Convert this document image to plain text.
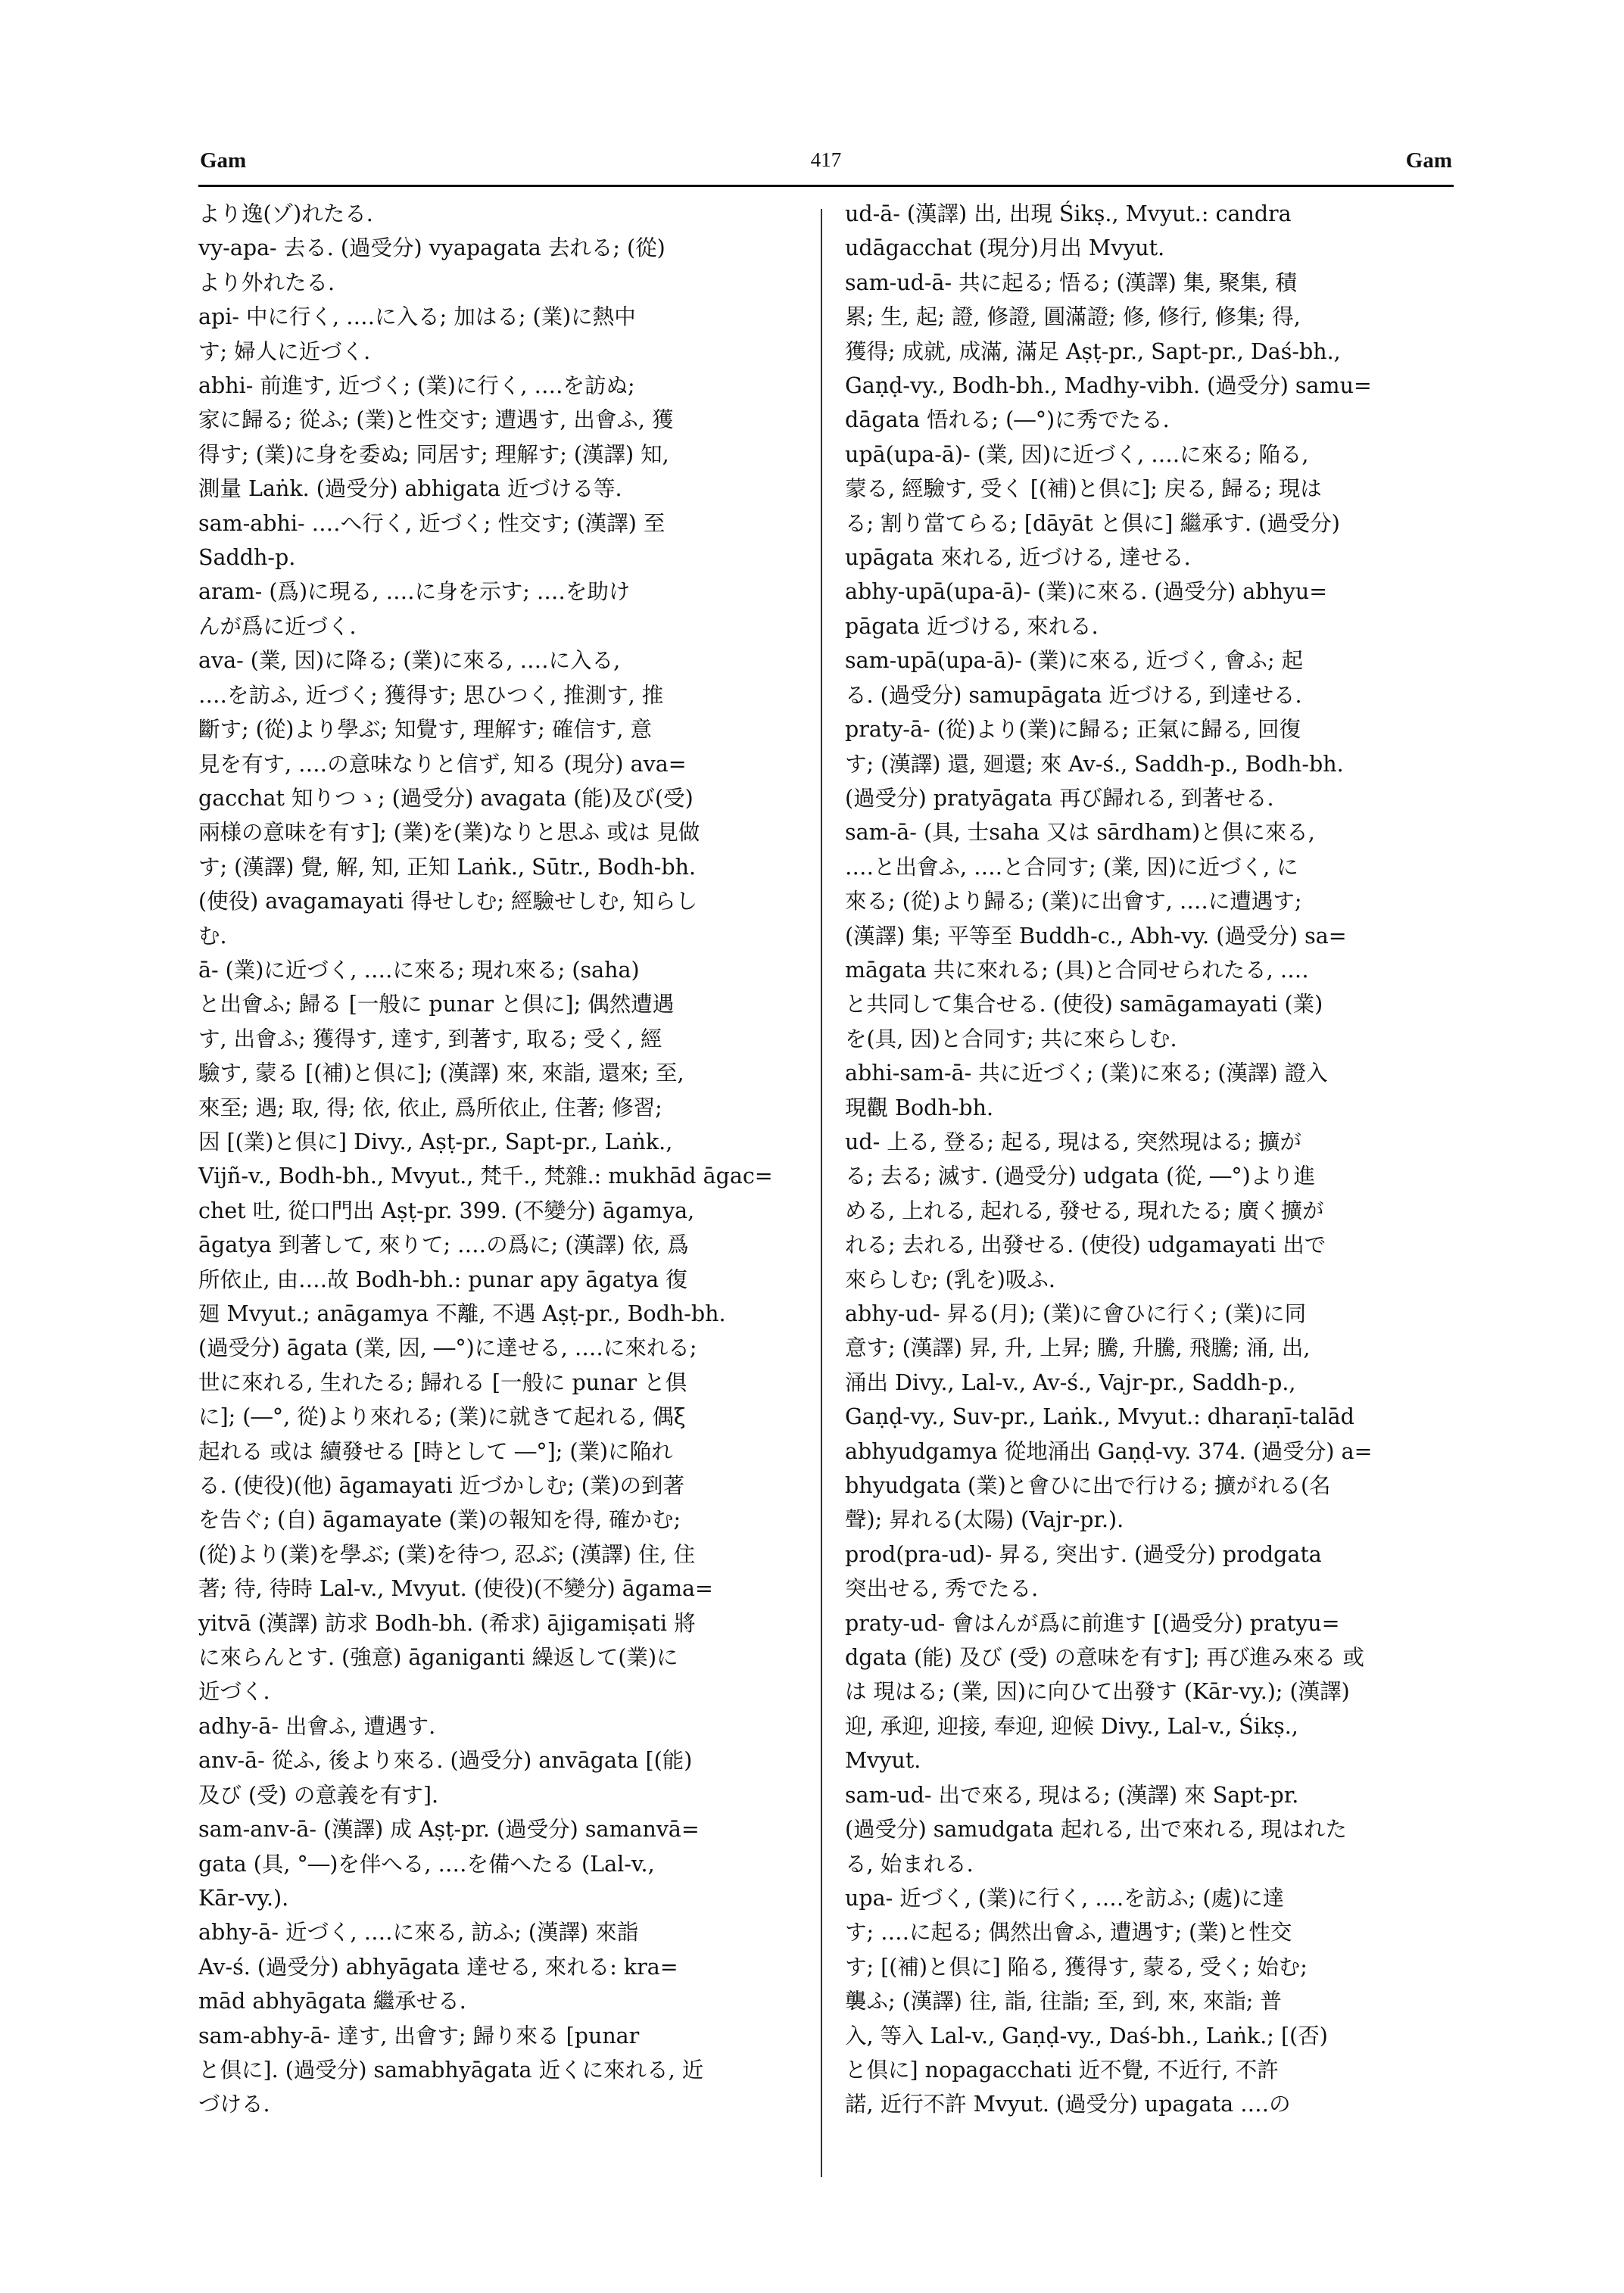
Gam	417	Gam

より逸(ゾ)れたる.

vy-apa- 去る. (過受分) vyapagata 去れる; (從)

より外れたる.

api- 中に行く, ‥‥に入る; 加はる; (業)に熱中

す; 婦人に近づく.

abhi- 前進す, 近づく; (業)に行く, ‥‥を訪ぬ;

家に歸る; 從ふ; (業)と性交す; 遭遇す, 出會ふ, 獲

得す; (業)に身を委ぬ; 同居す; 理解す; (漢譯) 知,

測量 Laṅk. (過受分) abhigata 近づける等.

sam-abhi- ‥‥へ行く, 近づく; 性交す; (漢譯) 至

Saddh-p.

aram- (爲)に現る, ‥‥に身を示す; ‥‥を助け

んが爲に近づく.

ava- (業, 因)に降る; (業)に來る, ‥‥に入る,

‥‥を訪ふ, 近づく; 獲得す; 思ひつく, 推測す, 推

斷す; (從)より學ぶ; 知覺す, 理解す; 確信す, 意

見を有す, ‥‥の意味なりと信ず, 知る (現分) ava=

gacchat 知りつゝ; (過受分) avagata (能)及び(受)

兩様の意味を有す]; (業)を(業)なりと思ふ 或は 見做

す; (漢譯) 覺, 解, 知, 正知 Laṅk., Sūtr., Bodh-bh.

(使役) avagamayati 得せしむ; 經驗せしむ, 知らし

む.

ā- (業)に近づく, ‥‥に來る; 現れ來る; (saha)

と出會ふ; 歸る [一般に punar と倶に]; 偶然遭遇

す, 出會ふ; 獲得す, 達す, 到著す, 取る; 受く, 經

驗す, 蒙る [(補)と倶に]; (漢譯) 來, 來詣, 還來; 至,

來至; 遇; 取, 得; 依, 依止, 爲所依止, 住著; 修習;

因 [(業)と倶に] Divy., Aṣṭ-pr., Sapt-pr., Laṅk.,

Vijñ-v., Bodh-bh., Mvyut., 梵千., 梵雜.: mukhād āgac=

chet 吐, 從口門出 Aṣṭ-pr. 399. (不變分) āgamya,

āgatya 到著して, 來りて; ‥‥の爲に; (漢譯) 依, 爲

所依止, 由‥‥故 Bodh-bh.: punar apy āgatya 復

廻 Mvyut.; anāgamya 不離, 不遇 Aṣṭ-pr., Bodh-bh.

(過受分) āgata (業, 因, ―°)に達せる, ‥‥に來れる;

世に來れる, 生れたる; 歸れる [一般に punar と倶

に]; (―°, 從)より來れる; (業)に就きて起れる, 偶ξ

起れる 或は 續發せる [時として ―°]; (業)に陥れ

る. (使役)(他) āgamayati 近づかしむ; (業)の到著

を告ぐ; (自) āgamayate (業)の報知を得, 確かむ;

(從)より(業)を學ぶ; (業)を待つ, 忍ぶ; (漢譯) 住, 住

著; 待, 待時 Lal-v., Mvyut. (使役)(不變分) āgama=

yitvā (漢譯) 訪求 Bodh-bh. (希求) ājigamiṣati 將

に來らんとす. (強意) āganiganti 繰返して(業)に

近づく.

adhy-ā- 出會ふ, 遭遇す.

anv-ā- 從ふ, 後より來る. (過受分) anvāgata [(能)

及び (受) の意義を有す].

sam-anv-ā- (漢譯) 成 Aṣṭ-pr. (過受分) samanvā=

gata (具, °―)を伴へる, ‥‥を備へたる (Lal-v.,

Kār-vy.).

abhy-ā- 近づく, ‥‥に來る, 訪ふ; (漢譯) 來詣

Av-ś. (過受分) abhyāgata 達せる, 來れる: kra=

mād abhyāgata 繼承せる.

sam-abhy-ā- 達す, 出會す; 歸り來る [punar

と倶に]. (過受分) samabhyāgata 近くに來れる, 近

づける.

ud-ā- (漢譯) 出, 出現 Śikṣ., Mvyut.: candra

udāgacchat (現分)月出 Mvyut.

sam-ud-ā- 共に起る; 悟る; (漢譯) 集, 聚集, 積

累; 生, 起; 證, 修證, 圓滿證; 修, 修行, 修集; 得,

獲得; 成就, 成滿, 滿足 Aṣṭ-pr., Sapt-pr., Daś-bh.,

Gaṇḍ-vy., Bodh-bh., Madhy-vibh. (過受分) samu=

dāgata 悟れる; (―°)に秀でたる.

upā(upa-ā)- (業, 因)に近づく, ‥‥に來る; 陥る,

蒙る, 經驗す, 受く [(補)と倶に]; 戻る, 歸る; 現は

る; 割り當てらる; [dāyāt と倶に] 繼承す. (過受分)

upāgata 來れる, 近づける, 達せる.

abhy-upā(upa-ā)- (業)に來る. (過受分) abhyu=

pāgata 近づける, 來れる.

sam-upā(upa-ā)- (業)に來る, 近づく, 會ふ; 起

る. (過受分) samupāgata 近づける, 到達せる.

praty-ā- (從)より(業)に歸る; 正氣に歸る, 回復

す; (漢譯) 還, 廻還; 來 Av-ś., Saddh-p., Bodh-bh.

(過受分) pratyāgata 再び歸れる, 到著せる.

sam-ā- (具, 士saha 又は sārdham)と倶に來る,

‥‥と出會ふ, ‥‥と合同す; (業, 因)に近づく, に

來る; (從)より歸る; (業)に出會す, ‥‥に遭遇す;

(漢譯) 集; 平等至 Buddh-c., Abh-vy. (過受分) sa=

māgata 共に來れる; (具)と合同せられたる, ‥‥

と共同して集合せる. (使役) samāgamayati (業)

を(具, 因)と合同す; 共に來らしむ.

abhi-sam-ā- 共に近づく; (業)に來る; (漢譯) 證入

現觀 Bodh-bh.

ud- 上る, 登る; 起る, 現はる, 突然現はる; 擴が

る; 去る; 滅す. (過受分) udgata (從, ―°)より進

める, 上れる, 起れる, 發せる, 現れたる; 廣く擴が

れる; 去れる, 出發せる. (使役) udgamayati 出で

來らしむ; (乳を)吸ふ.

abhy-ud- 昇る(月); (業)に會ひに行く; (業)に同

意す; (漢譯) 昇, 升, 上昇; 騰, 升騰, 飛騰; 涌, 出,

涌出 Divy., Lal-v., Av-ś., Vajr-pr., Saddh-p.,

Gaṇḍ-vy., Suv-pr., Laṅk., Mvyut.: dharaṇī-talād

abhyudgamya 從地涌出 Gaṇḍ-vy. 374. (過受分) a=

bhyudgata (業)と會ひに出で行ける; 擴がれる(名

聲); 昇れる(太陽) (Vajr-pr.).

prod(pra-ud)- 昇る, 突出す. (過受分) prodgata

突出せる, 秀でたる.

praty-ud- 會はんが爲に前進す [(過受分) pratyu=

dgata (能) 及び (受) の意味を有す]; 再び進み來る 或

は 現はる; (業, 因)に向ひて出發す (Kār-vy.); (漢譯)

迎, 承迎, 迎接, 奉迎, 迎候 Divy., Lal-v., Śikṣ.,

Mvyut.

sam-ud- 出で來る, 現はる; (漢譯) 來 Sapt-pr.

(過受分) samudgata 起れる, 出で來れる, 現はれた

る, 始まれる.

upa- 近づく, (業)に行く, ‥‥を訪ふ; (處)に達

す; ‥‥に起る; 偶然出會ふ, 遭遇す; (業)と性交

す; [(補)と倶に] 陥る, 獲得す, 蒙る, 受く; 始む;

襲ふ; (漢譯) 往, 詣, 往詣; 至, 到, 來, 來詣; 普

入, 等入 Lal-v., Gaṇḍ-vy., Daś-bh., Laṅk.; [(否)

と倶に] nopagacchati 近不覺, 不近行, 不許

諾, 近行不許 Mvyut. (過受分) upagata ‥‥の
